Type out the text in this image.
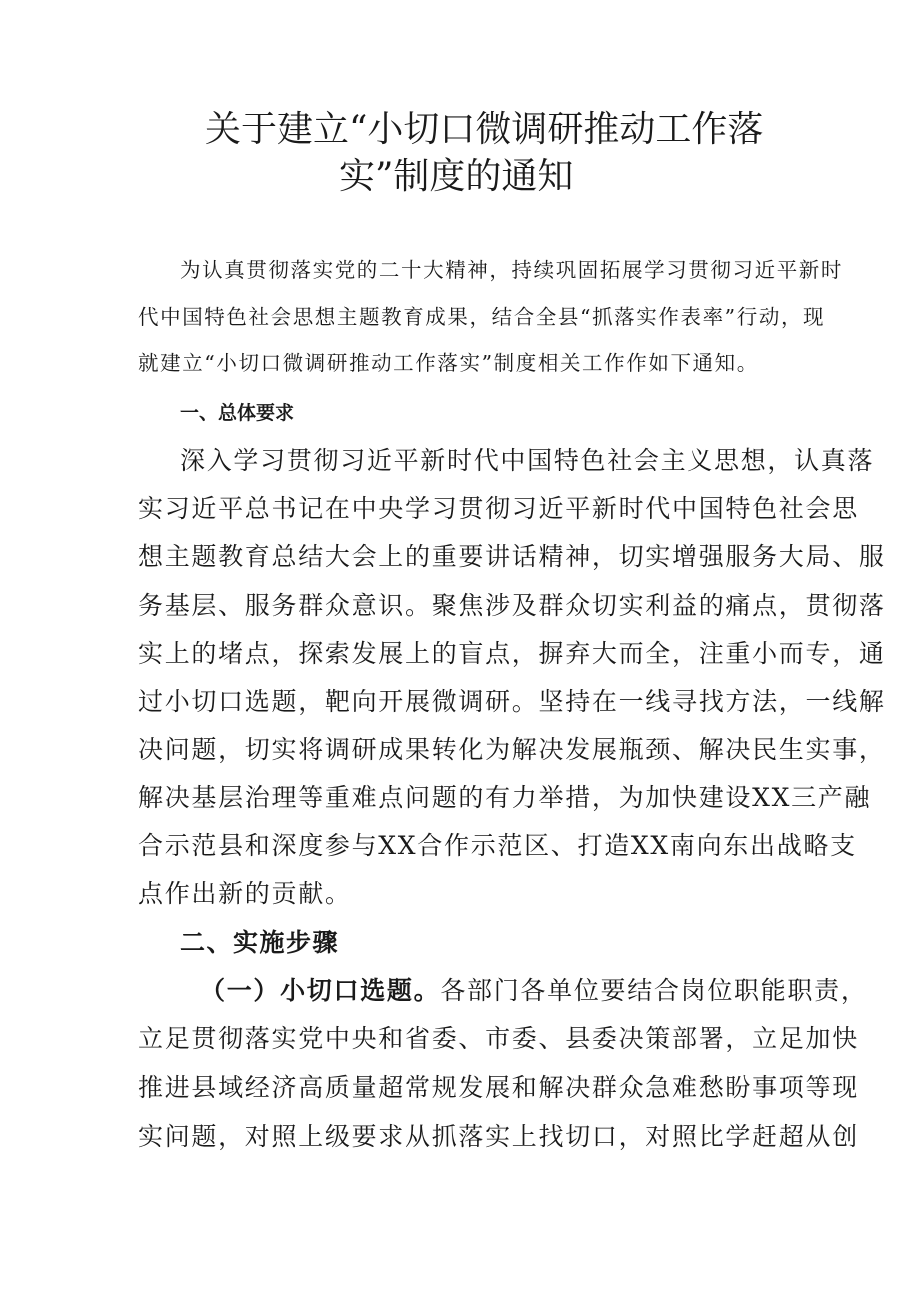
关于建立“小切口微调研推动工作落
实”制度的通知
为认真贯彻落实党的二十大精神，持续巩固拓展学习贯彻习近平新时
代中国特色社会思想主题教育成果，结合全县“抓落实作表率”行动，现
就建立“小切口微调研推动工作落实”制度相关工作作如下通知。
一、总体要求
深入学习贯彻习近平新时代中国特色社会主义思想，认真落
实习近平总书记在中央学习贯彻习近平新时代中国特色社会思
想主题教育总结大会上的重要讲话精神，切实增强服务大局、服
务基层、服务群众意识。聚焦涉及群众切实利益的痛点，贯彻落
实上的堵点，探索发展上的盲点，摒弃大而全，注重小而专，通
过小切口选题，靶向开展微调研。坚持在一线寻找方法，一线解
决问题，切实将调研成果转化为解决发展瓶颈、解决民生实事，
解决基层治理等重难点问题的有力举措，为加快建设XX三产融
合示范县和深度参与XX合作示范区、打造XX南向东出战略支
点作出新的贡献。
二、实施步骤
（一）小切口选题。各部门各单位要结合岗位职能职责，
立足贯彻落实党中央和省委、市委、县委决策部署，立足加快
推进县域经济高质量超常规发展和解决群众急难愁盼事项等现
实问题，对照上级要求从抓落实上找切口，对照比学赶超从创
